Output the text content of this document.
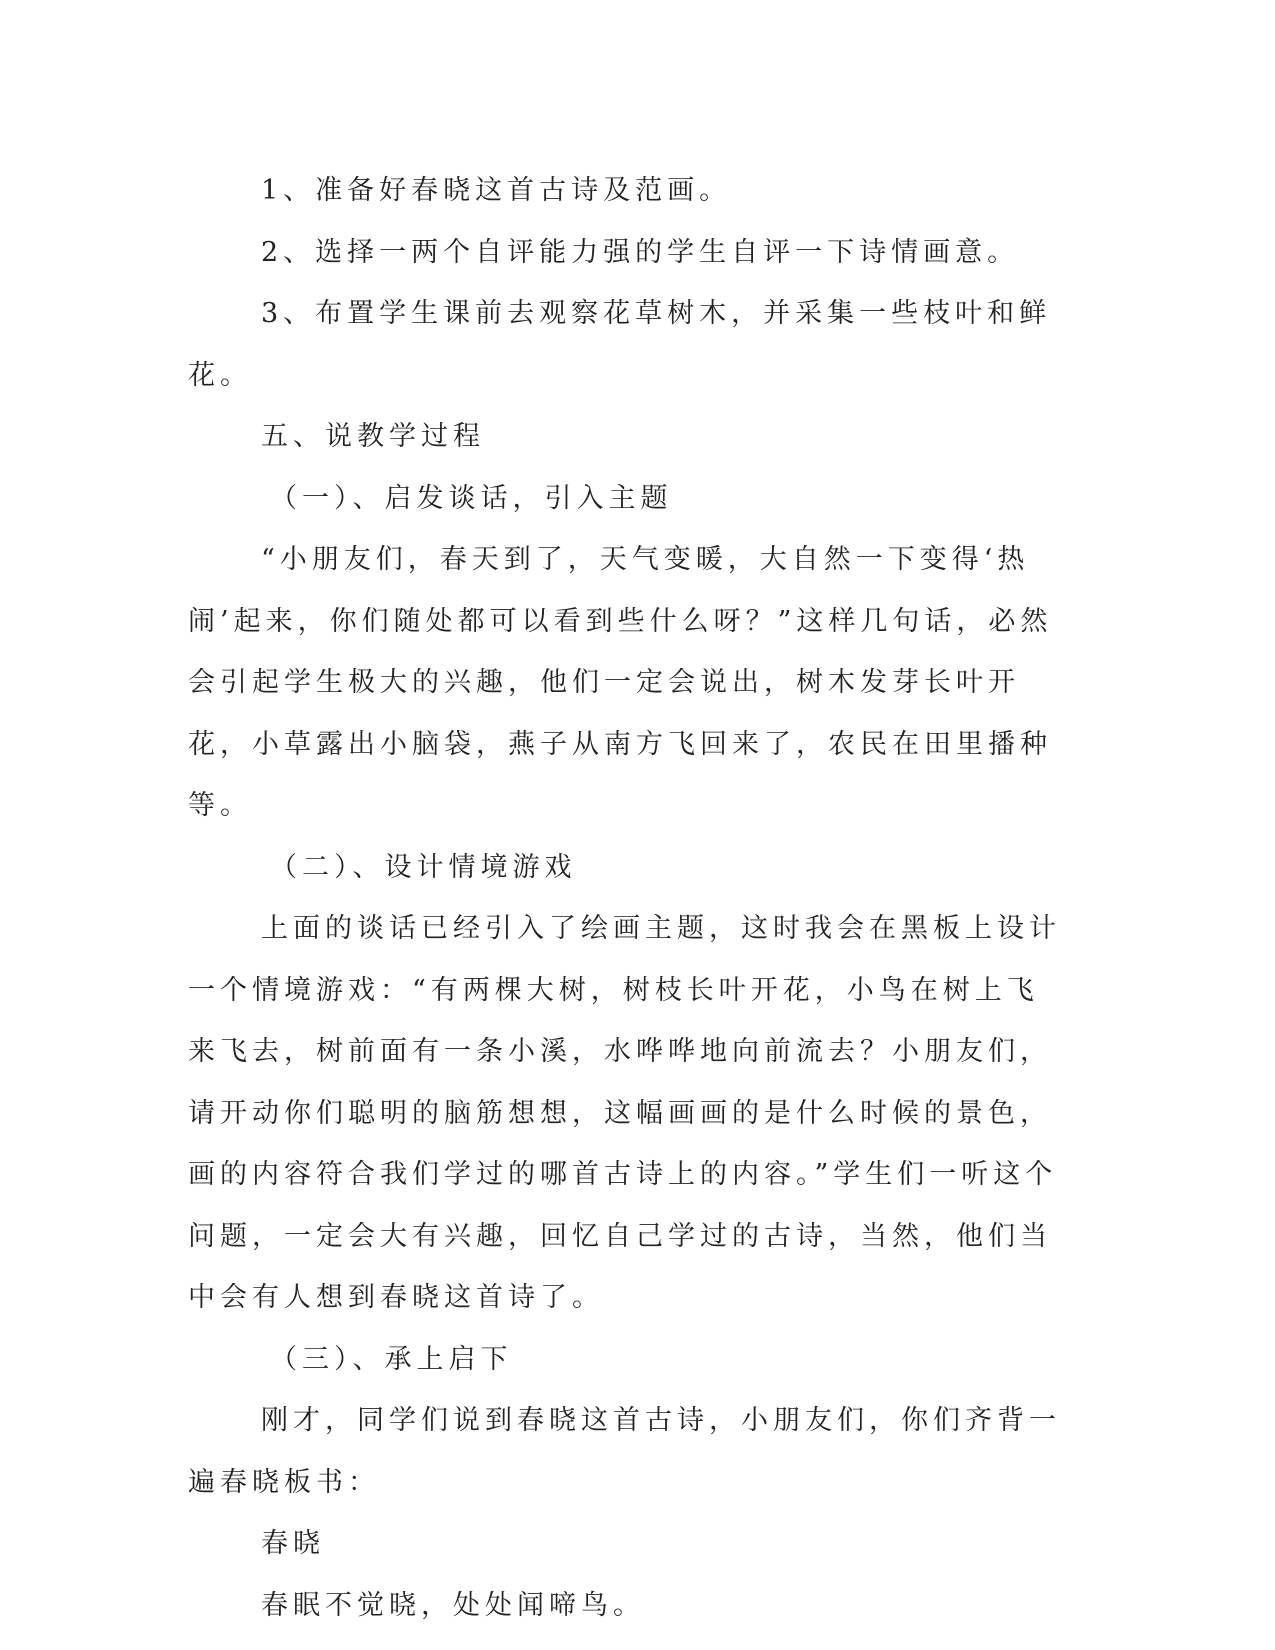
1、准备好春晓这首古诗及范画。

2、选择一两个自评能力强的学生自评一下诗情画意。

3、布置学生课前去观察花草树木，并采集一些枝叶和鲜花。

五、说教学过程

（一）、启发谈话，引入主题

“小朋友们，春天到了，天气变暖，大自然一下变得‘热闹’起来，你们随处都可以看到些什么呀？”这样几句话，必然会引起学生极大的兴趣，他们一定会说出，树木发芽长叶开花，小草露出小脑袋，燕子从南方飞回来了，农民在田里播种等。

（二）、设计情境游戏

上面的谈话已经引入了绘画主题，这时我会在黑板上设计一个情境游戏：“有两棵大树，树枝长叶开花，小鸟在树上飞来飞去，树前面有一条小溪，水哗哗地向前流去？小朋友们，请开动你们聪明的脑筋想想，这幅画画的是什么时候的景色，画的内容符合我们学过的哪首古诗上的内容。”学生们一听这个问题，一定会大有兴趣，回忆自己学过的古诗，当然，他们当中会有人想到春晓这首诗了。

（三）、承上启下

刚才，同学们说到春晓这首古诗，小朋友们，你们齐背一遍春晓板书：

春晓

春眠不觉晓，处处闻啼鸟。
